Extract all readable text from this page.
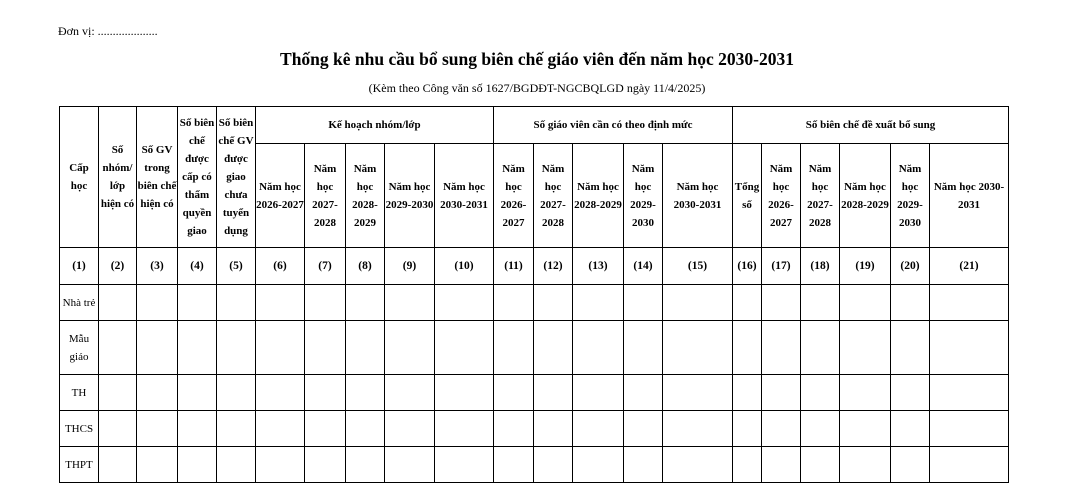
Đơn vị: ....................
Thống kê nhu cầu bổ sung biên chế giáo viên đến năm học 2030-2031
(Kèm theo Công văn số 1627/BGDĐT-NGCBQLGD ngày 11/4/2025)
Cấp học	Số nhóm/ lớp hiện có	Số GV trong biên chế hiện có	Số biên chế được cấp có thẩm quyền giao	Số biên chế GV được giao chưa tuyển dụng	Kế hoạch nhóm/lớp					Số giáo viên cần có theo định mức					Số biên chế đề xuất bổ sung					
					Năm học 2026-2027	Năm học 2027-2028	Năm học 2028-2029	Năm học 2029-2030	Năm học 2030-2031	Năm học 2026-2027	Năm học 2027-2028	Năm học 2028-2029	Năm học 2029-2030	Năm học 2030-2031	Tổng số	Năm học 2026-2027	Năm học 2027-2028	Năm học 2028-2029	Năm học 2029-2030	Năm học 2030-2031
(1)	(2)	(3)	(4)	(5)	(6)	(7)	(8)	(9)	(10)	(11)	(12)	(13)	(14)	(15)	(16)	(17)	(18)	(19)	(20)	(21)
Nhà trẻ																				
Mẫu giáo																				
TH																				
THCS																				
THPT																				
